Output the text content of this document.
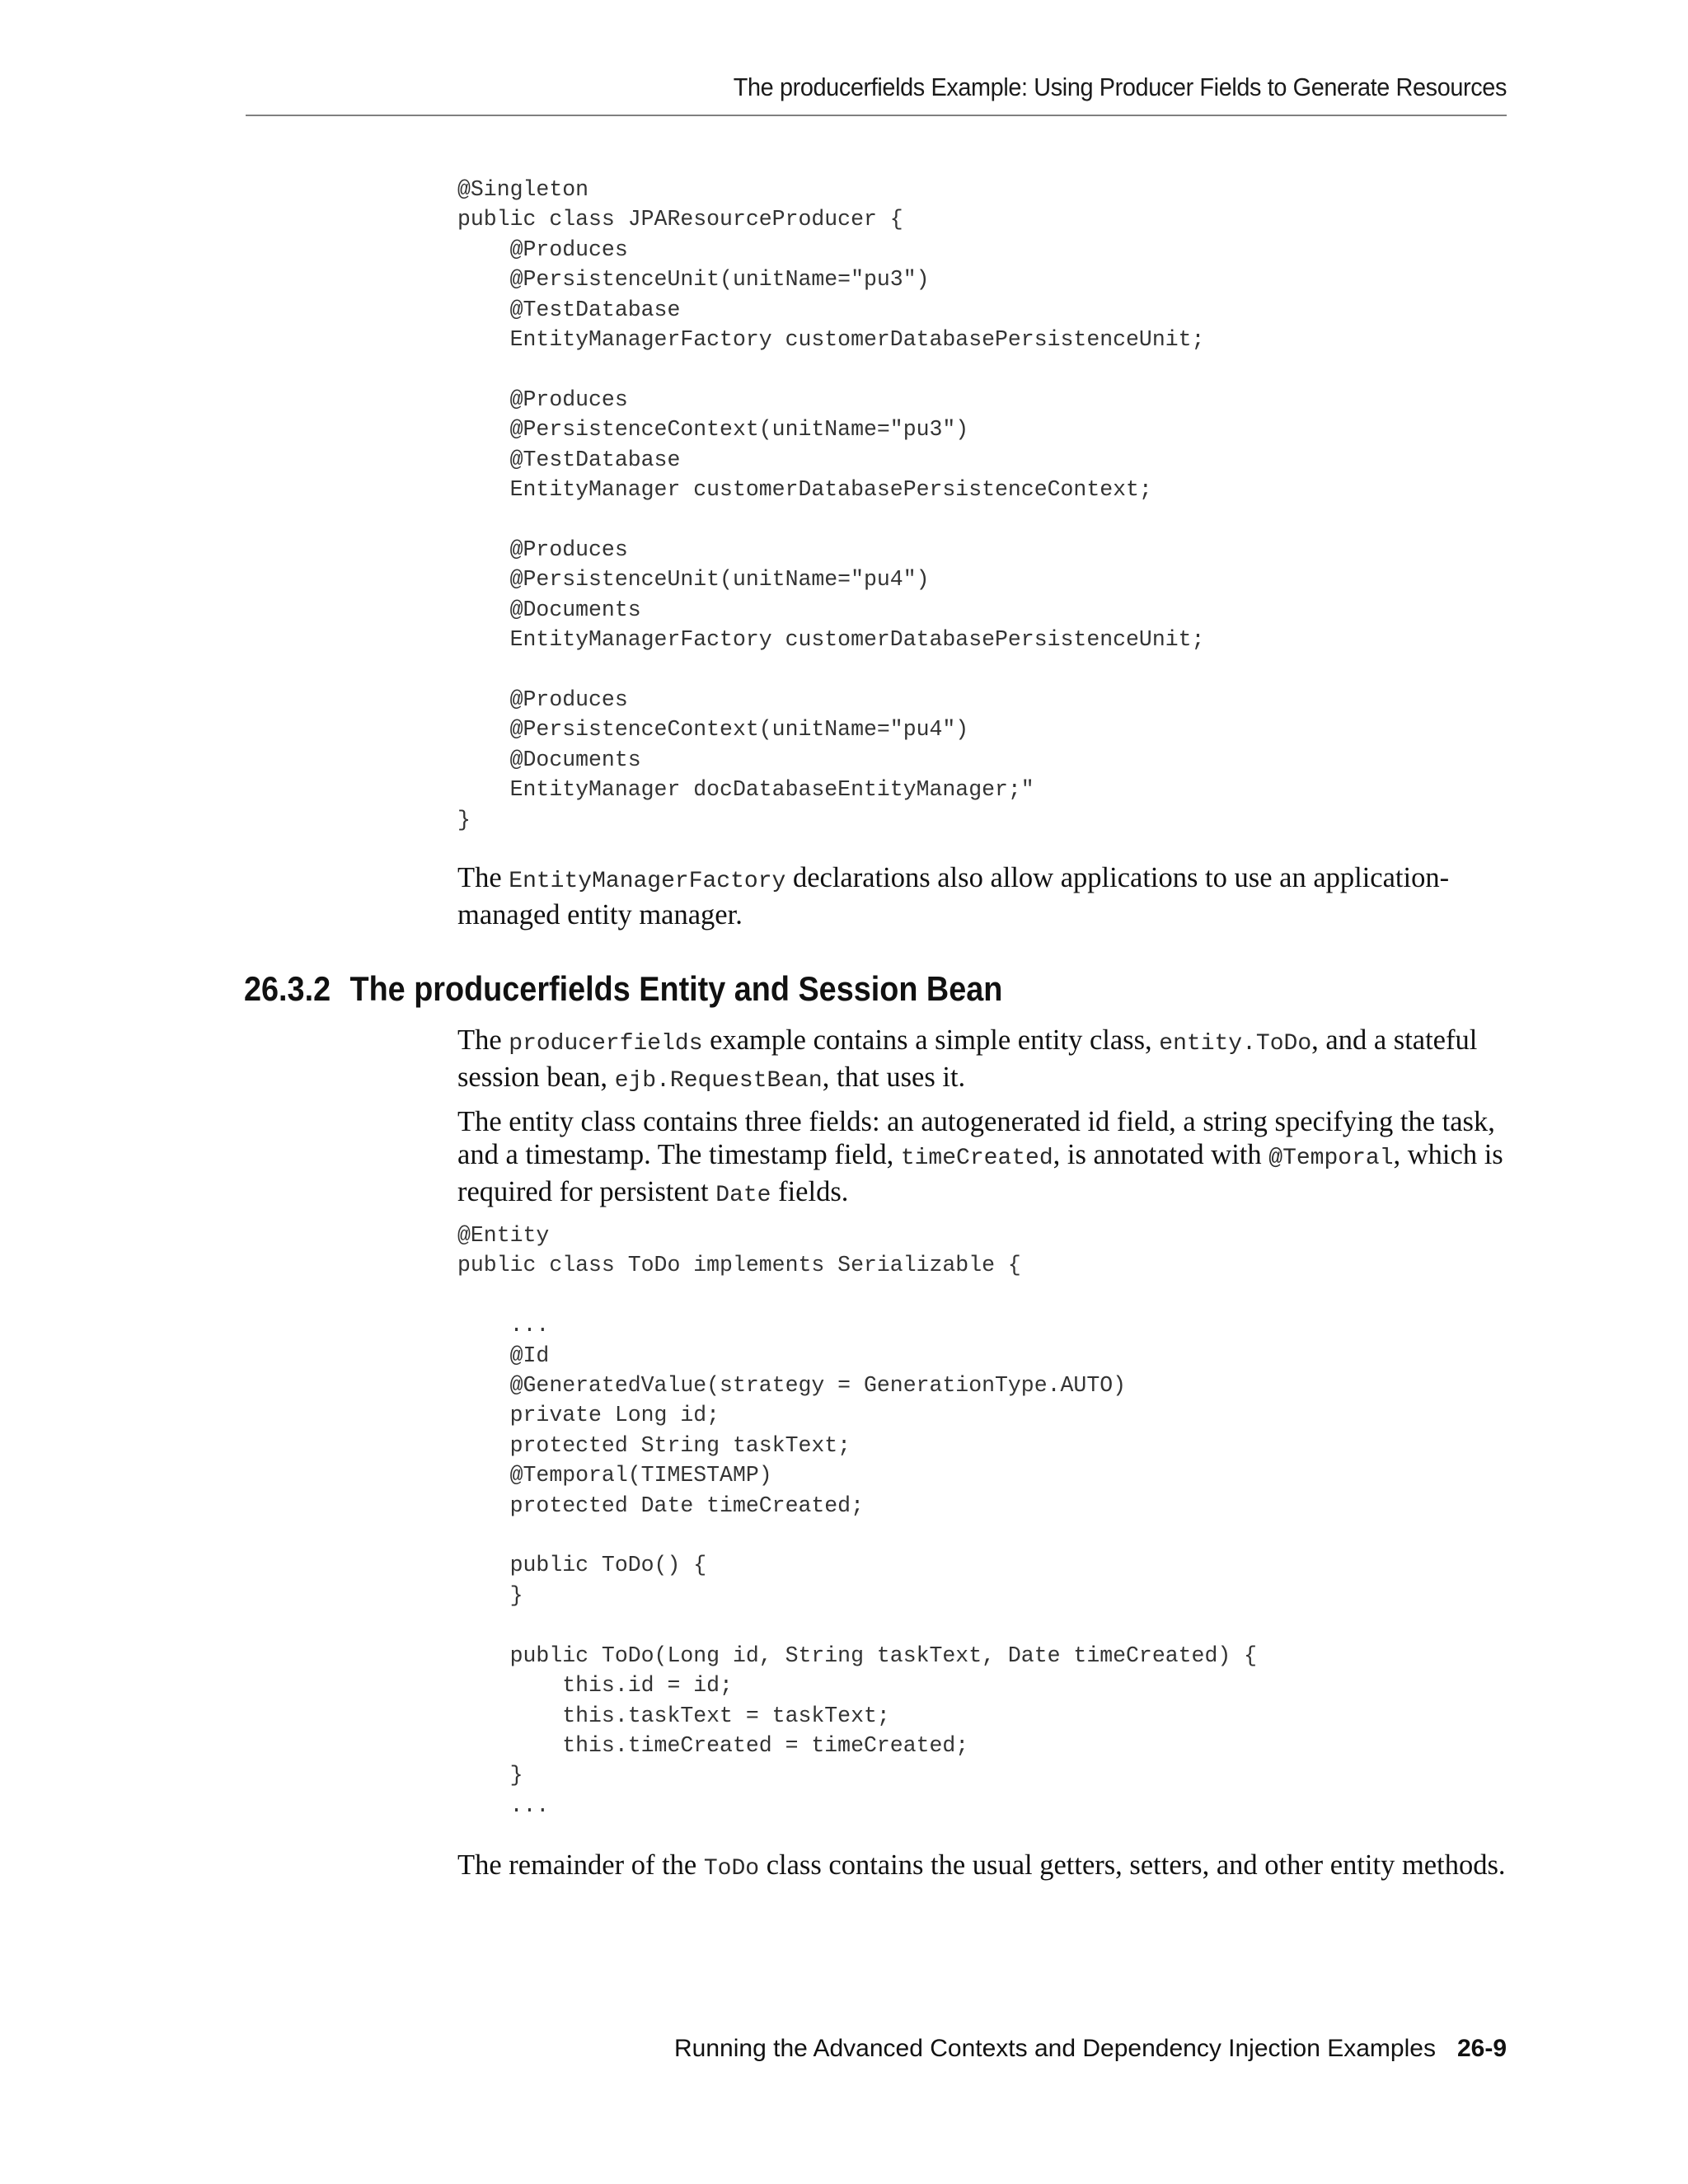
The producerfields Example: Using Producer Fields to Generate Resources
@Singleton
public class JPAResourceProducer {
@Produces
@PersistenceUnit(unitName="pu3")
@TestDatabase
EntityManagerFactory customerDatabasePersistenceUnit;

@Produces
@PersistenceContext(unitName="pu3")
@TestDatabase
EntityManager customerDatabasePersistenceContext;

@Produces
@PersistenceUnit(unitName="pu4")
@Documents
EntityManagerFactory customerDatabasePersistenceUnit;

@Produces
@PersistenceContext(unitName="pu4")
@Documents
EntityManager docDatabaseEntityManager;"
}

The EntityManagerFactory declarations also allow applications to use an application-managed entity manager.

26.3.2 The producerfields Entity and Session Bean

The producerfields example contains a simple entity class, entity.ToDo, and a stateful session bean, ejb.RequestBean, that uses it.

The entity class contains three fields: an autogenerated id field, a string specifying the task, and a timestamp. The timestamp field, timeCreated, is annotated with @Temporal, which is required for persistent Date fields.

@Entity
public class ToDo implements Serializable {

...
@Id
@GeneratedValue(strategy = GenerationType.AUTO)
private Long id;
protected String taskText;
@Temporal(TIMESTAMP)
protected Date timeCreated;

public ToDo() {
}

public ToDo(Long id, String taskText, Date timeCreated) {
this.id = id;
this.taskText = taskText;
this.timeCreated = timeCreated;
}
...

The remainder of the ToDo class contains the usual getters, setters, and other entity methods.

Running the Advanced Contexts and Dependency Injection Examples 26-9
